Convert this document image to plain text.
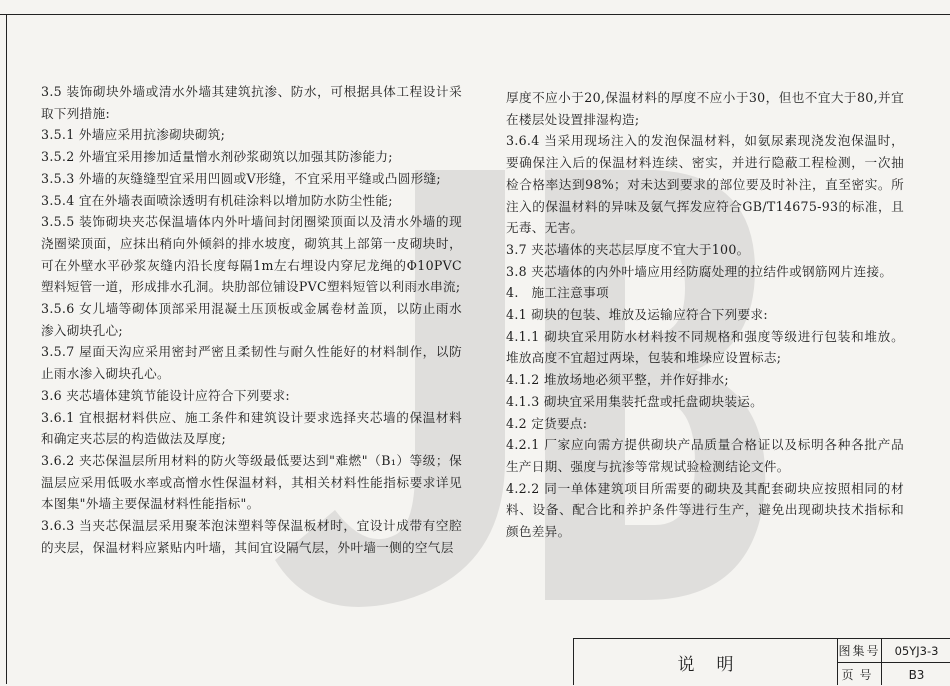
3.5 装饰砌块外墙或清水外墙其建筑抗渗、防水，可根据具体工程设计采取下列措施:

3.5.1 外墙应采用抗渗砌块砌筑;

3.5.2 外墙宜采用掺加适量憎水剂砂浆砌筑以加强其防渗能力;

3.5.3 外墙的灰缝缝型宜采用凹圆或V形缝，不宜采用平缝或凸圆形缝;

3.5.4 宜在外墙表面喷涂透明有机硅涂料以增加防水防尘性能;

3.5.5 装饰砌块夹芯保温墙体内外叶墙间封闭圈梁顶面以及清水外墙的现浇圈梁顶面，应抹出稍向外倾斜的排水坡度，砌筑其上部第一皮砌块时，可在外壁水平砂浆灰缝内沿长度每隔1m左右埋设内穿尼龙绳的Φ10PVC塑料短管一道，形成排水孔洞。块肋部位铺设PVC塑料短管以利雨水串流;

3.5.6 女儿墙等砌体顶部采用混凝土压顶板或金属卷材盖顶，以防止雨水渗入砌块孔心;

3.5.7 屋面天沟应采用密封严密且柔韧性与耐久性能好的材料制作，以防止雨水渗入砌块孔心。

3.6 夹芯墙体建筑节能设计应符合下列要求:

3.6.1 宜根据材料供应、施工条件和建筑设计要求选择夹芯墙的保温材料和确定夹芯层的构造做法及厚度;

3.6.2 夹芯保温层所用材料的防火等级最低要达到"难燃"（B₁）等级；保温层应采用低吸水率或高憎水性保温材料，其相关材料性能指标要求详见本图集"外墙主要保温材料性能指标"。

3.6.3 当夹芯保温层采用聚苯泡沫塑料等保温板材时，宜设计成带有空腔的夹层，保温材料应紧贴内叶墙，其间宜设隔气层，外叶墙一侧的空气层

厚度不应小于20,保温材料的厚度不应小于30，但也不宜大于80,并宜在楼层处设置排湿构造;

3.6.4 当采用现场注入的发泡保温材料，如氨尿素现浇发泡保温时，要确保注入后的保温材料连续、密实，并进行隐蔽工程检测，一次抽检合格率达到98%；对未达到要求的部位要及时补注，直至密实。所注入的保温材料的异味及氨气挥发应符合GB/T14675-93的标准，且无毒、无害。

3.7 夹芯墙体的夹芯层厚度不宜大于100。

3.8 夹芯墙体的内外叶墙应用经防腐处理的拉结件或钢筋网片连接。

4.　施工注意事项

4.1 砌块的包装、堆放及运输应符合下列要求:

4.1.1 砌块宜采用防水材料按不同规格和强度等级进行包装和堆放。堆放高度不宜超过两垛，包装和堆垛应设置标志;

4.1.2 堆放场地必须平整，并作好排水;

4.1.3 砌块宜采用集装托盘或托盘砌块装运。

4.2 定货要点:

4.2.1 厂家应向需方提供砌块产品质量合格证以及标明各种各批产品生产日期、强度与抗渗等常规试验检测结论文件。

4.2.2 同一单体建筑项目所需要的砌块及其配套砌块应按照相同的材料、设备、配合比和养护条件等进行生产，避免出现砌块技术指标和颜色差异。

说明
图集号	05YJ3-3
页号	B3
